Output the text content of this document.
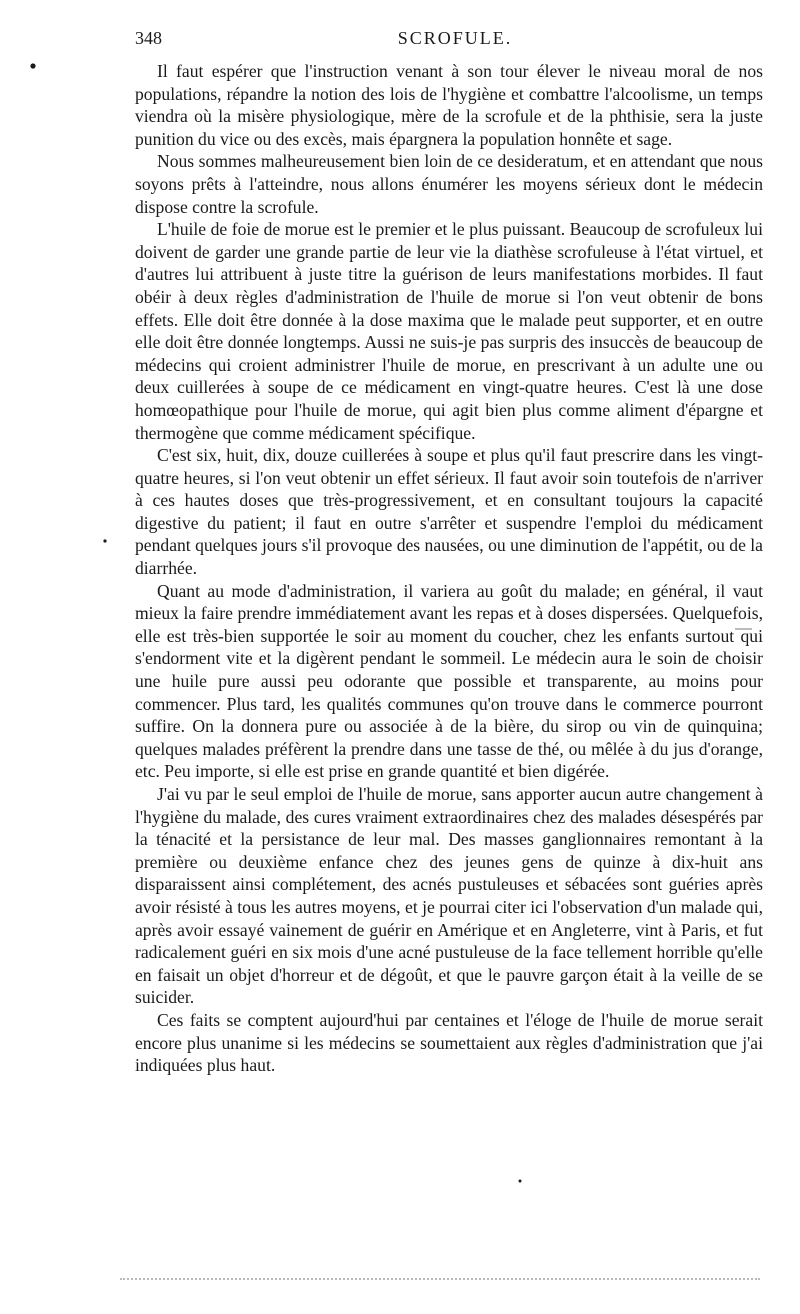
348	SCROFULE.

Il faut espérer que l'instruction venant à son tour élever le niveau moral de nos populations, répandre la notion des lois de l'hygiène et combattre l'alcoolisme, un temps viendra où la misère physiologique, mère de la scrofule et de la phthisie, sera la juste punition du vice ou des excès, mais épargnera la population honnête et sage.

Nous sommes malheureusement bien loin de ce desideratum, et en attendant que nous soyons prêts à l'atteindre, nous allons énumérer les moyens sérieux dont le médecin dispose contre la scrofule.

L'huile de foie de morue est le premier et le plus puissant. Beaucoup de scrofuleux lui doivent de garder une grande partie de leur vie la diathèse scrofuleuse à l'état virtuel, et d'autres lui attribuent à juste titre la guérison de leurs manifestations morbides. Il faut obéir à deux règles d'administration de l'huile de morue si l'on veut obtenir de bons effets. Elle doit être donnée à la dose maxima que le malade peut supporter, et en outre elle doit être donnée longtemps. Aussi ne suis-je pas surpris des insuccès de beaucoup de médecins qui croient administrer l'huile de morue, en prescrivant à un adulte une ou deux cuillerées à soupe de ce médicament en vingt-quatre heures. C'est là une dose homœopathique pour l'huile de morue, qui agit bien plus comme aliment d'épargne et thermogène que comme médicament spécifique.

C'est six, huit, dix, douze cuillerées à soupe et plus qu'il faut prescrire dans les vingt-quatre heures, si l'on veut obtenir un effet sérieux. Il faut avoir soin toutefois de n'arriver à ces hautes doses que très-progressivement, et en consultant toujours la capacité digestive du patient; il faut en outre s'arrêter et suspendre l'emploi du médicament pendant quelques jours s'il provoque des nausées, ou une diminution de l'appétit, ou de la diarrhée.

Quant au mode d'administration, il variera au goût du malade; en général, il vaut mieux la faire prendre immédiatement avant les repas et à doses dispersées. Quelquefois, elle est très-bien supportée le soir au moment du coucher, chez les enfants surtout qui s'endorment vite et la digèrent pendant le sommeil. Le médecin aura le soin de choisir une huile pure aussi peu odorante que possible et transparente, au moins pour commencer. Plus tard, les qualités communes qu'on trouve dans le commerce pourront suffire. On la donnera pure ou associée à de la bière, du sirop ou vin de quinquina; quelques malades préfèrent la prendre dans une tasse de thé, ou mêlée à du jus d'orange, etc. Peu importe, si elle est prise en grande quantité et bien digérée.

J'ai vu par le seul emploi de l'huile de morue, sans apporter aucun autre changement à l'hygiène du malade, des cures vraiment extraordinaires chez des malades désespérés par la ténacité et la persistance de leur mal. Des masses ganglionnaires remontant à la première ou deuxième enfance chez des jeunes gens de quinze à dix-huit ans disparaissent ainsi complétement, des acnés pustuleuses et sébacées sont guéries après avoir résisté à tous les autres moyens, et je pourrai citer ici l'observation d'un malade qui, après avoir essayé vainement de guérir en Amérique et en Angleterre, vint à Paris, et fut radicalement guéri en six mois d'une acné pustuleuse de la face tellement horrible qu'elle en faisait un objet d'horreur et de dégoût, et que le pauvre garçon était à la veille de se suicider.

Ces faits se comptent aujourd'hui par centaines et l'éloge de l'huile de morue serait encore plus unanime si les médecins se soumettaient aux règles d'administration que j'ai indiquées plus haut.
